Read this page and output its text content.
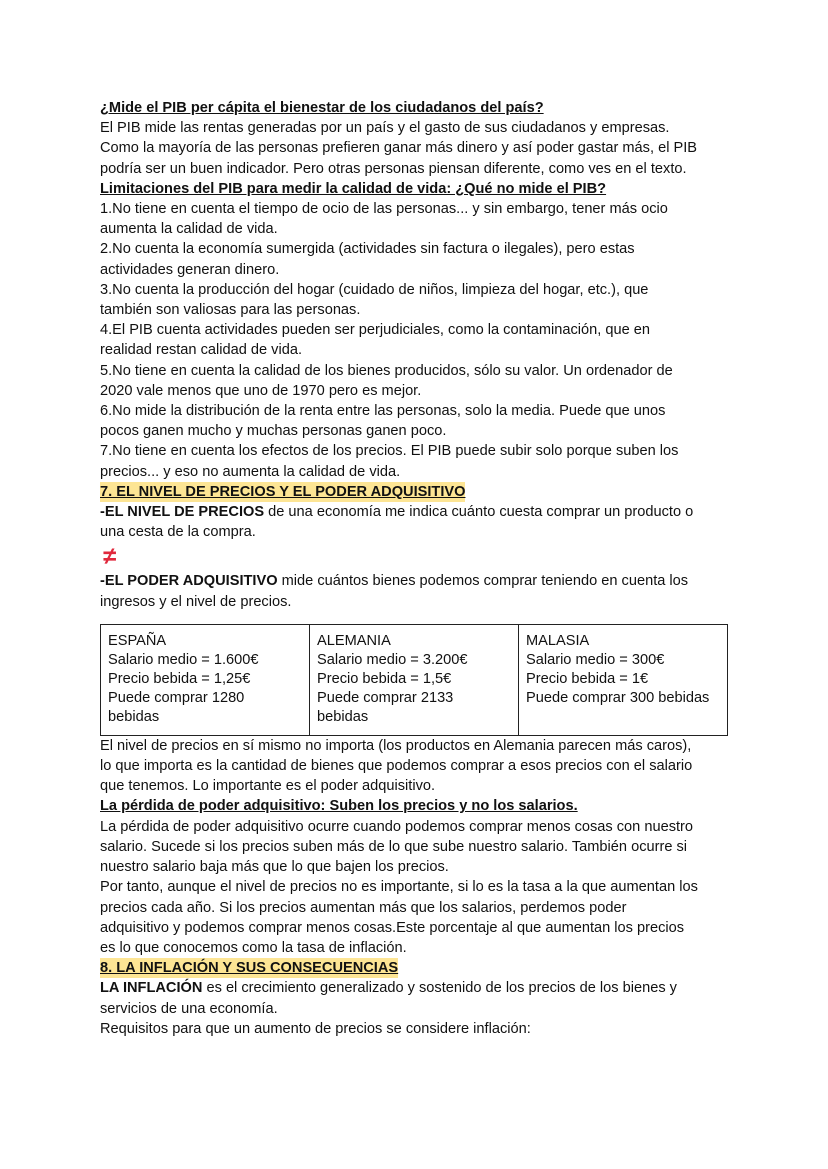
¿Mide el PIB per cápita el bienestar de los ciudadanos del país?
El PIB mide las rentas generadas por un país y el gasto de sus ciudadanos y empresas.
Como la mayoría de las personas prefieren ganar más dinero y así poder gastar más, el PIB
podría ser un buen indicador. Pero otras personas piensan diferente, como ves en el texto.
Limitaciones del PIB para medir la calidad de vida: ¿Qué no mide el PIB?
1.No tiene en cuenta el tiempo de ocio de las personas... y sin embargo, tener más ocio
aumenta la calidad de vida.
2.No cuenta la economía sumergida (actividades sin factura o ilegales), pero estas
actividades generan dinero.
3.No cuenta la producción del hogar (cuidado de niños, limpieza del hogar, etc.), que
también son valiosas para las personas.
4.El PIB cuenta actividades pueden ser perjudiciales, como la contaminación, que en
realidad restan calidad de vida.
5.No tiene en cuenta la calidad de los bienes producidos, sólo su valor. Un ordenador de
2020 vale menos que uno de 1970 pero es mejor.
6.No mide la distribución de la renta entre las personas, solo la media. Puede que unos
pocos ganen mucho y muchas personas ganen poco.
7.No tiene en cuenta los efectos de los precios. El PIB puede subir solo porque suben los
precios... y eso no aumenta la calidad de vida.
7. EL NIVEL DE PRECIOS Y EL PODER ADQUISITIVO
-EL NIVEL DE PRECIOS de una economía me indica cuánto cuesta comprar un producto o
una cesta de la compra.
≠
-EL PODER ADQUISITIVO mide cuántos bienes podemos comprar teniendo en cuenta los
ingresos y el nivel de precios.
ESPAÑA
Salario medio = 1.600€
Precio bebida = 1,25€
Puede comprar 1280
bebidas

ALEMANIA
Salario medio = 3.200€
Precio bebida = 1,5€
Puede comprar 2133
bebidas

MALASIA
Salario medio = 300€
Precio bebida = 1€
Puede comprar 300 bebidas
El nivel de precios en sí mismo no importa (los productos en Alemania parecen más caros),
lo que importa es la cantidad de bienes que podemos comprar a esos precios con el salario
que tenemos. Lo importante es el poder adquisitivo.
La pérdida de poder adquisitivo: Suben los precios y no los salarios.
La pérdida de poder adquisitivo ocurre cuando podemos comprar menos cosas con nuestro
salario. Sucede si los precios suben más de lo que sube nuestro salario. También ocurre si
nuestro salario baja más que lo que bajen los precios.
Por tanto, aunque el nivel de precios no es importante, si lo es la tasa a la que aumentan los
precios cada año. Si los precios aumentan más que los salarios, perdemos poder
adquisitivo y podemos comprar menos cosas.Este porcentaje al que aumentan los precios
es lo que conocemos como la tasa de inflación.
8. LA INFLACIÓN Y SUS CONSECUENCIAS
LA INFLACIÓN es el crecimiento generalizado y sostenido de los precios de los bienes y
servicios de una economía.
Requisitos para que un aumento de precios se considere inflación:
